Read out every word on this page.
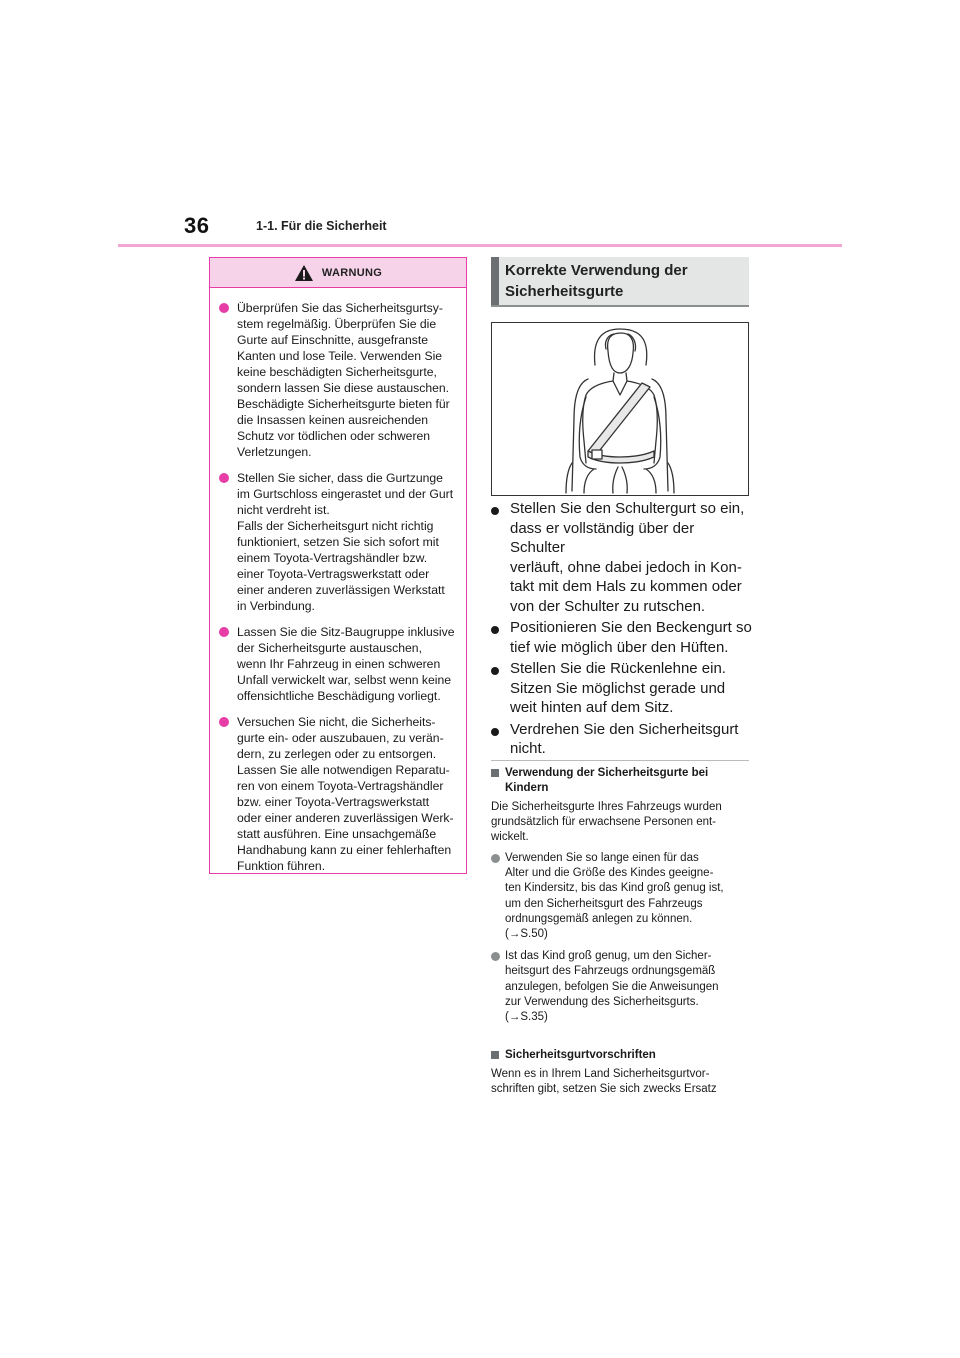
36	1-1. Für die Sicherheit
WARNUNG
Überprüfen Sie das Sicherheitsgurtsy-
stem regelmäßig. Überprüfen Sie die
Gurte auf Einschnitte, ausgefranste
Kanten und lose Teile. Verwenden Sie
keine beschädigten Sicherheitsgurte,
sondern lassen Sie diese austauschen.
Beschädigte Sicherheitsgurte bieten für
die Insassen keinen ausreichenden
Schutz vor tödlichen oder schweren
Verletzungen.
Stellen Sie sicher, dass die Gurtzunge
im Gurtschloss eingerastet und der Gurt
nicht verdreht ist.
Falls der Sicherheitsgurt nicht richtig
funktioniert, setzen Sie sich sofort mit
einem Toyota-Vertragshändler bzw.
einer Toyota-Vertragswerkstatt oder
einer anderen zuverlässigen Werkstatt
in Verbindung.
Lassen Sie die Sitz-Baugruppe inklusive
der Sicherheitsgurte austauschen,
wenn Ihr Fahrzeug in einen schweren
Unfall verwickelt war, selbst wenn keine
offensichtliche Beschädigung vorliegt.
Versuchen Sie nicht, die Sicherheits-
gurte ein- oder auszubauen, zu verän-
dern, zu zerlegen oder zu entsorgen.
Lassen Sie alle notwendigen Reparatu-
ren von einem Toyota-Vertragshändler
bzw. einer Toyota-Vertragswerkstatt
oder einer anderen zuverlässigen Werk-
statt ausführen. Eine unsachgemäße
Handhabung kann zu einer fehlerhaften
Funktion führen.
Korrekte Verwendung der
Sicherheitsgurte
Stellen Sie den Schultergurt so ein,
dass er vollständig über der Schulter
verläuft, ohne dabei jedoch in Kon-
takt mit dem Hals zu kommen oder
von der Schulter zu rutschen.
Positionieren Sie den Beckengurt so
tief wie möglich über den Hüften.
Stellen Sie die Rückenlehne ein.
Sitzen Sie möglichst gerade und
weit hinten auf dem Sitz.
Verdrehen Sie den Sicherheitsgurt
nicht.
Verwendung der Sicherheitsgurte bei
Kindern
Die Sicherheitsgurte Ihres Fahrzeugs wurden
grundsätzlich für erwachsene Personen ent-
wickelt.
Verwenden Sie so lange einen für das
Alter und die Größe des Kindes geeigne-
ten Kindersitz, bis das Kind groß genug ist,
um den Sicherheitsgurt des Fahrzeugs
ordnungsgemäß anlegen zu können.
(→S.50)
Ist das Kind groß genug, um den Sicher-
heitsgurt des Fahrzeugs ordnungsgemäß
anzulegen, befolgen Sie die Anweisungen
zur Verwendung des Sicherheitsgurts.
(→S.35)
Sicherheitsgurtvorschriften
Wenn es in Ihrem Land Sicherheitsgurtvor-
schriften gibt, setzen Sie sich zwecks Ersatz
